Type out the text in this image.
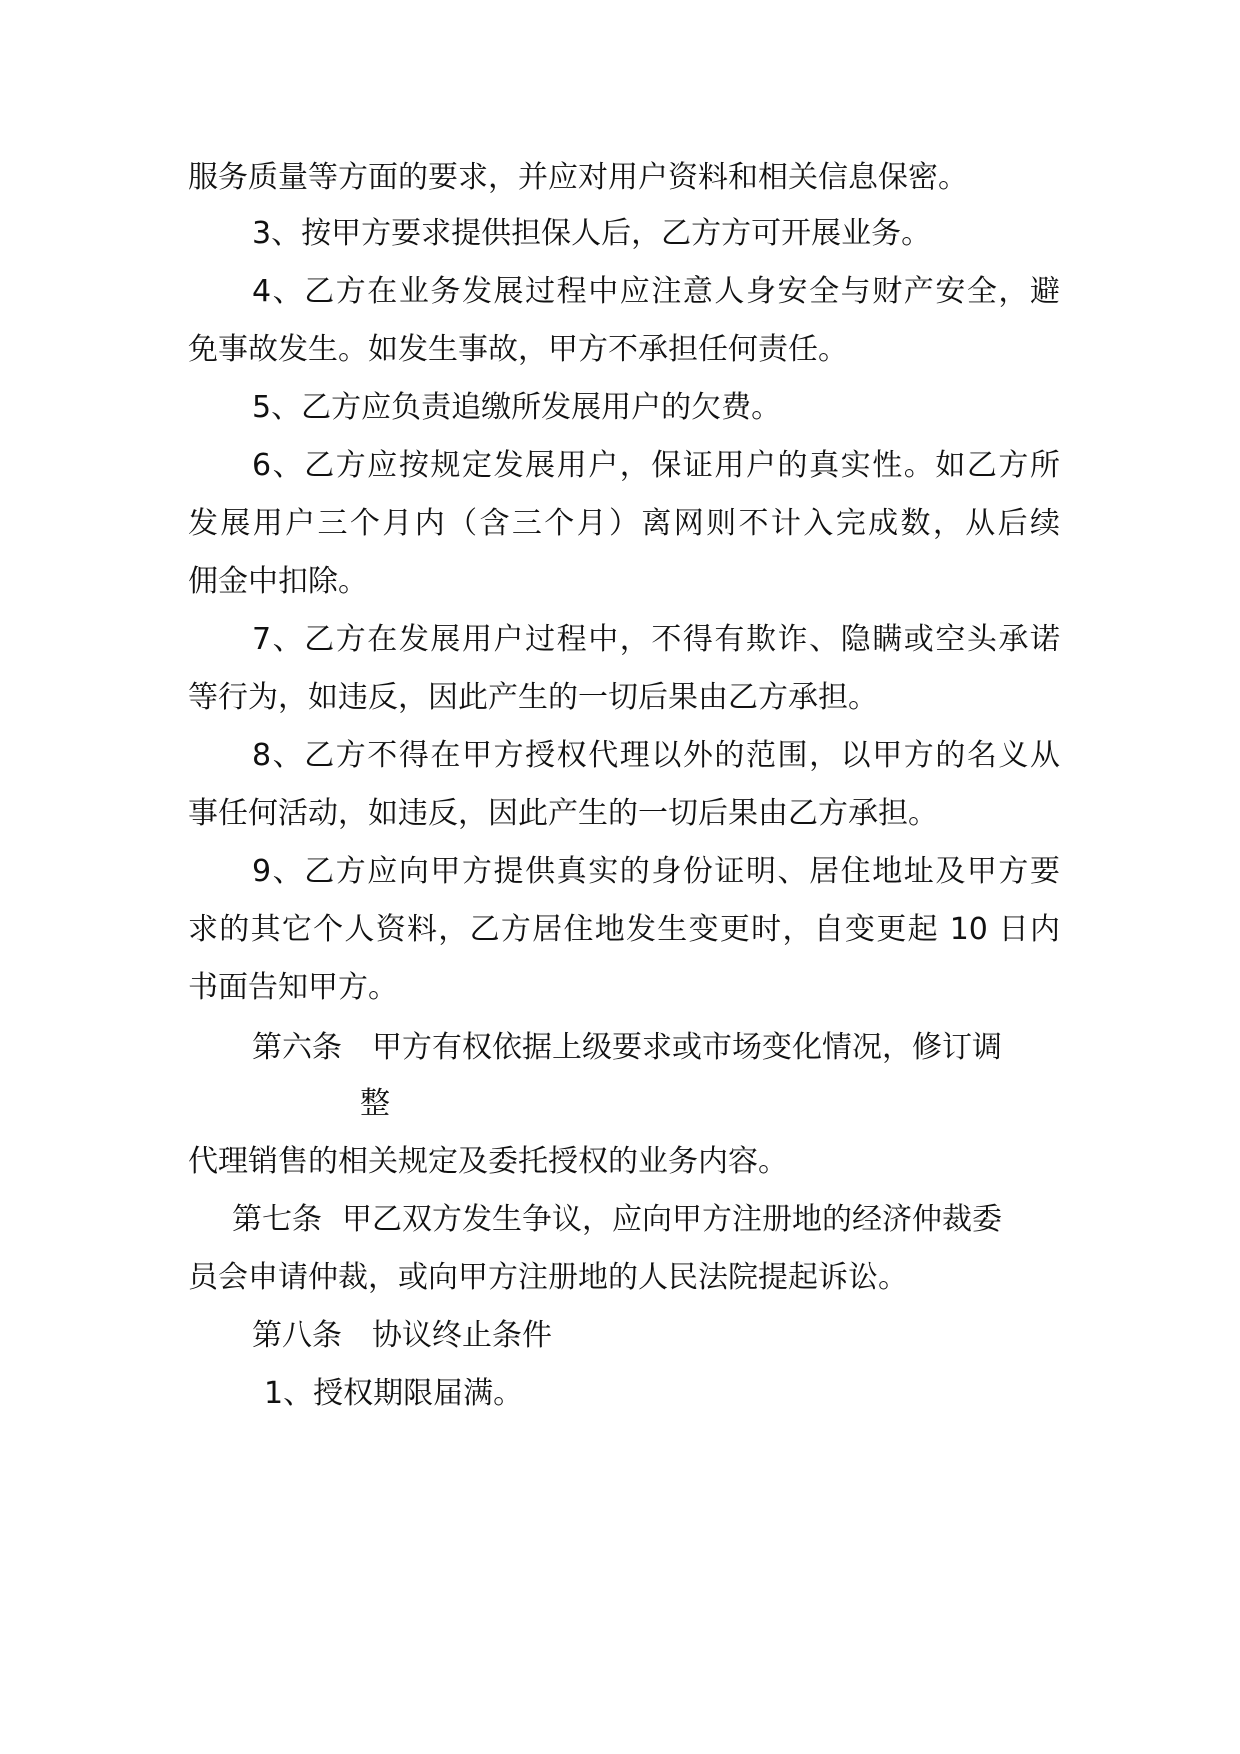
服务质量等方面的要求，并应对用户资料和相关信息保密。
3、按甲方要求提供担保人后，乙方方可开展业务。
4、乙方在业务发展过程中应注意人身安全与财产安全，避
免事故发生。如发生事故，甲方不承担任何责任。
5、乙方应负责追缴所发展用户的欠费。
6、乙方应按规定发展用户，保证用户的真实性。如乙方所
发展用户三个月内（含三个月）离网则不计入完成数，从后续
佣金中扣除。
7、乙方在发展用户过程中，不得有欺诈、隐瞒或空头承诺
等行为，如违反，因此产生的一切后果由乙方承担。
8、乙方不得在甲方授权代理以外的范围，以甲方的名义从
事任何活动，如违反，因此产生的一切后果由乙方承担。
9、乙方应向甲方提供真实的身份证明、居住地址及甲方要
求的其它个人资料，乙方居住地发生变更时，自变更起 10 日内
书面告知甲方。
第六条 甲方有权依据上级要求或市场变化情况，修订调
整
代理销售的相关规定及委托授权的业务内容。
第七条 甲乙双方发生争议，应向甲方注册地的经济仲裁委
员会申请仲裁，或向甲方注册地的人民法院提起诉讼。
第八条 协议终止条件
1、授权期限届满。
